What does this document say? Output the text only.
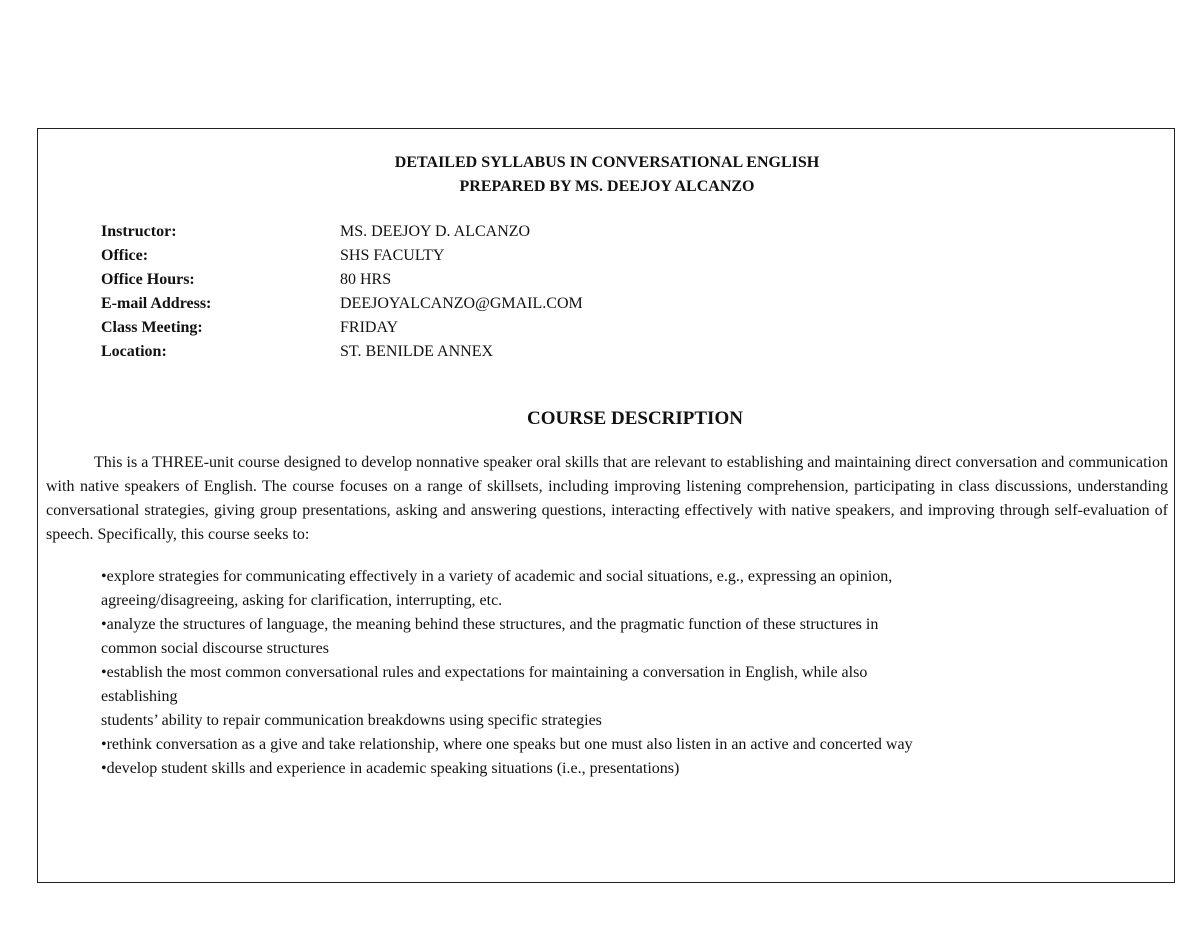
DETAILED SYLLABUS IN CONVERSATIONAL ENGLISH
PREPARED BY MS. DEEJOY ALCANZO
Instructor:	MS. DEEJOY D. ALCANZO
Office:	SHS FACULTY
Office Hours:	80 HRS
E-mail Address:	DEEJOYALCANZO@GMAIL.COM
Class Meeting:	FRIDAY
Location:	ST. BENILDE ANNEX
COURSE DESCRIPTION

This is a THREE-unit course designed to develop nonnative speaker oral skills that are relevant to establishing and maintaining direct conversation and communication with native speakers of English. The course focuses on a range of skillsets, including improving listening comprehension, participating in class discussions, understanding conversational strategies, giving group presentations, asking and answering questions, interacting effectively with native speakers, and improving through self-evaluation of speech. Specifically, this course seeks to:

•explore strategies for communicating effectively in a variety of academic and social situations, e.g., expressing an opinion,
agreeing/disagreeing, asking for clarification, interrupting, etc.
•analyze the structures of language, the meaning behind these structures, and the pragmatic function of these structures in
common social discourse structures
•establish the most common conversational rules and expectations for maintaining a conversation in English, while also
establishing
students’ ability to repair communication breakdowns using specific strategies
•rethink conversation as a give and take relationship, where one speaks but one must also listen in an active and concerted way
•develop student skills and experience in academic speaking situations (i.e., presentations)
